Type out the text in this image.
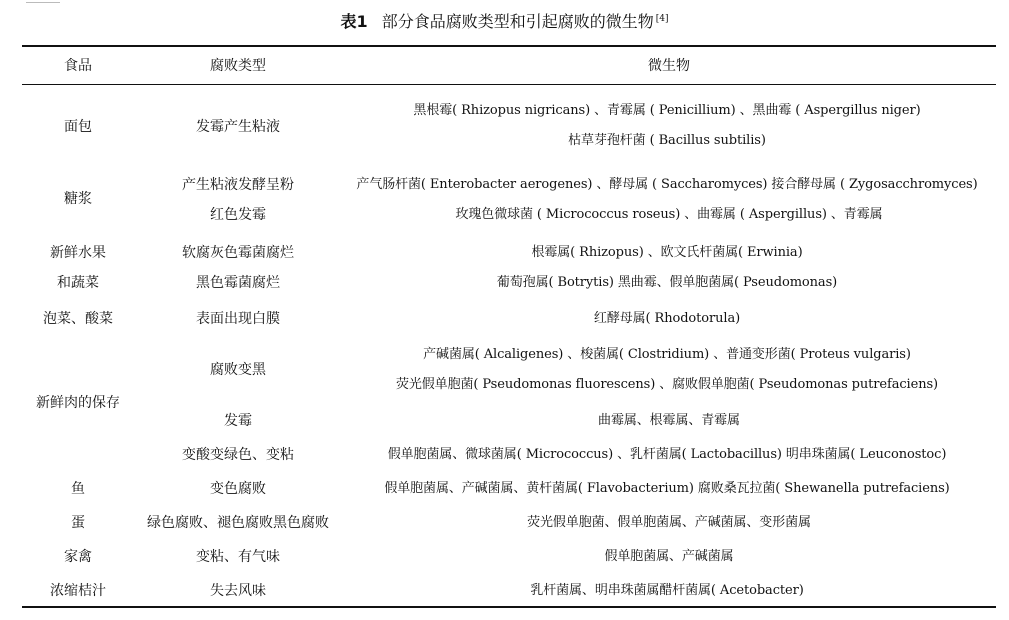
表1 部分食品腐败类型和引起腐败的微生物 [4]
食品	腐败类型	微生物
面包
糖浆
新鲜水果
和蔬菜
泡菜、酸菜
新鲜肉的保存
鱼
蛋
家禽
浓缩桔汁
发霉产生粘液
产生粘液发酵呈粉
红色发霉
软腐灰色霉菌腐烂
黑色霉菌腐烂
表面出现白膜
腐败变黑
发霉
变酸变绿色、变粘
变色腐败
绿色腐败、褪色腐败黑色腐败
变粘、有气味
失去风味
黑根霉( Rhizopus nigricans) 、青霉属 ( Penicillium) 、黑曲霉 ( Aspergillus niger)
枯草芽孢杆菌 ( Bacillus subtilis)
产气肠杆菌( Enterobacter aerogenes) 、酵母属 ( Saccharomyces) 接合酵母属 ( Zygosacchromyces)
玫瑰色微球菌 ( Micrococcus roseus) 、曲霉属 ( Aspergillus) 、青霉属
根霉属( Rhizopus) 、欧文氏杆菌属( Erwinia)
葡萄孢属( Botrytis) 黑曲霉、假单胞菌属( Pseudomonas)
红酵母属( Rhodotorula)
产碱菌属( Alcaligenes) 、梭菌属( Clostridium) 、普通变形菌( Proteus vulgaris)
荧光假单胞菌( Pseudomonas fluorescens) 、腐败假单胞菌( Pseudomonas putrefaciens)
曲霉属、根霉属、青霉属
假单胞菌属、微球菌属( Micrococcus) 、乳杆菌属( Lactobacillus) 明串珠菌属( Leuconostoc)
假单胞菌属、产碱菌属、黄杆菌属( Flavobacterium) 腐败桑瓦拉菌( Shewanella putrefaciens)
荧光假单胞菌、假单胞菌属、产碱菌属、变形菌属
假单胞菌属、产碱菌属
乳杆菌属、明串珠菌属醋杆菌属( Acetobacter)
